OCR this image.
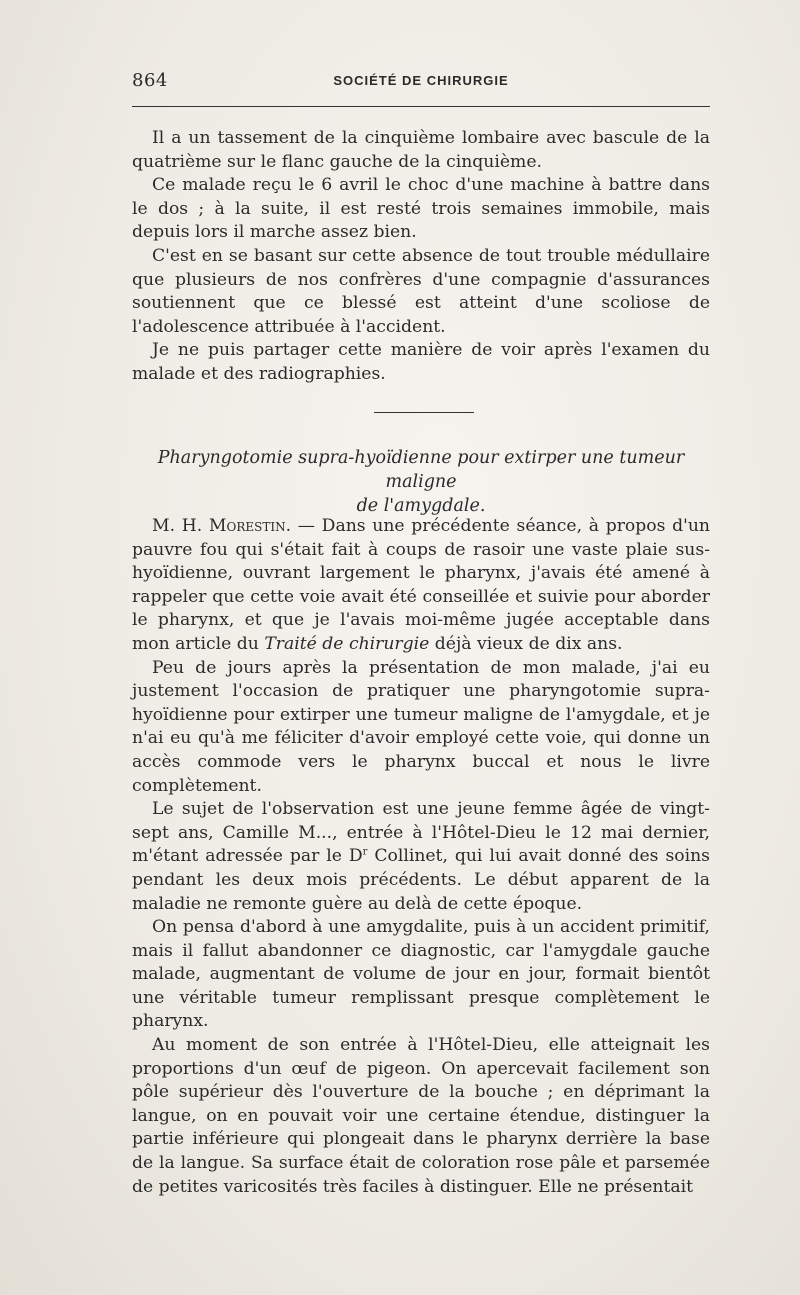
864	SOCIÉTÉ DE CHIRURGIE

Il a un tassement de la cinquième lombaire avec bascule de la quatrième sur le flanc gauche de la cinquième.

Ce malade reçu le 6 avril le choc d'une machine à battre dans le dos ; à la suite, il est resté trois semaines immobile, mais depuis lors il marche assez bien.

C'est en se basant sur cette absence de tout trouble médullaire que plusieurs de nos confrères d'une compagnie d'assurances soutiennent que ce blessé est atteint d'une scoliose de l'adolescence attribuée à l'accident.

Je ne puis partager cette manière de voir après l'examen du malade et des radiographies.

Pharyngotomie supra-hyoïdienne pour extirper une tumeur maligne
de l'amygdale.

M. H. Morestin. — Dans une précédente séance, à propos d'un pauvre fou qui s'était fait à coups de rasoir une vaste plaie sus-hyoïdienne, ouvrant largement le pharynx, j'avais été amené à rappeler que cette voie avait été conseillée et suivie pour aborder le pharynx, et que je l'avais moi-même jugée acceptable dans mon article du Traité de chirurgie déjà vieux de dix ans.

Peu de jours après la présentation de mon malade, j'ai eu justement l'occasion de pratiquer une pharyngotomie supra-hyoïdienne pour extirper une tumeur maligne de l'amygdale, et je n'ai eu qu'à me féliciter d'avoir employé cette voie, qui donne un accès commode vers le pharynx buccal et nous le livre complètement.

Le sujet de l'observation est une jeune femme âgée de vingt-sept ans, Camille M..., entrée à l'Hôtel-Dieu le 12 mai dernier, m'étant adressée par le $D^r$ Collinet, qui lui avait donné des soins pendant les deux mois précédents. Le début apparent de la maladie ne remonte guère au delà de cette époque.

On pensa d'abord à une amygdalite, puis à un accident primitif, mais il fallut abandonner ce diagnostic, car l'amygdale gauche malade, augmentant de volume de jour en jour, formait bientôt une véritable tumeur remplissant presque complètement le pharynx.

Au moment de son entrée à l'Hôtel-Dieu, elle atteignait les proportions d'un œuf de pigeon. On apercevait facilement son pôle supérieur dès l'ouverture de la bouche ; en déprimant la langue, on en pouvait voir une certaine étendue, distinguer la partie inférieure qui plongeait dans le pharynx derrière la base de la langue. Sa surface était de coloration rose pâle et parsemée de petites varicosités très faciles à distinguer. Elle ne présentait
